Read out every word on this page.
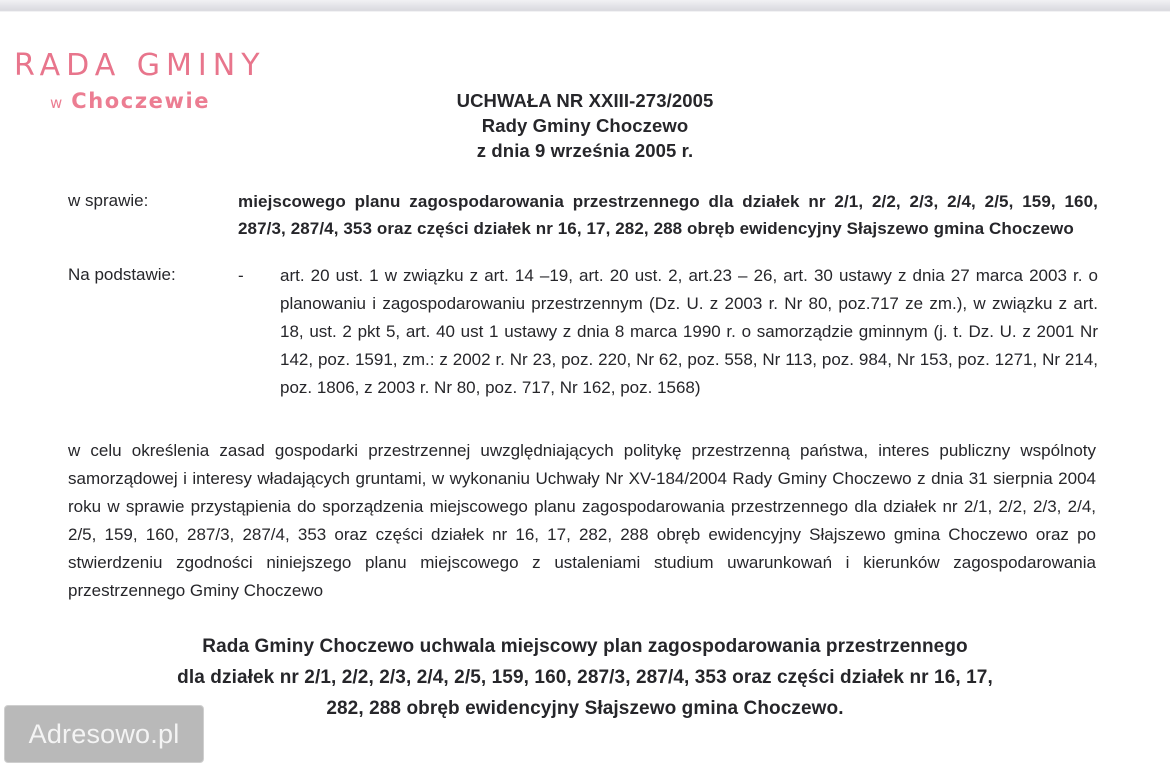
RADA GMINY
w Choczewie	UCHWAŁA NR XXIII-273/2005
Rady Gminy Choczewo
z dnia 9 września 2005 r.
w sprawie:	miejscowego planu zagospodarowania przestrzennego dla działek nr 2/1, 2/2, 2/3, 2/4, 2/5, 159, 160, 287/3, 287/4, 353 oraz części działek nr 16, 17, 282, 288 obręb ewidencyjny Słajszewo gmina Choczewo
Na podstawie:	- art. 20 ust. 1 w związku z art. 14 –19, art. 20 ust. 2, art.23 – 26, art. 30 ustawy z dnia 27 marca 2003 r. o planowaniu i zagospodarowaniu przestrzennym (Dz. U. z 2003 r. Nr 80, poz.717 ze zm.), w związku z art. 18, ust. 2 pkt 5, art. 40 ust 1 ustawy z dnia 8 marca 1990 r. o samorządzie gminnym (j. t. Dz. U. z 2001 Nr 142, poz. 1591, zm.: z 2002 r. Nr 23, poz. 220, Nr 62, poz. 558, Nr 113, poz. 984, Nr 153, poz. 1271, Nr 214, poz. 1806, z 2003 r. Nr 80, poz. 717, Nr 162, poz. 1568)
w celu określenia zasad gospodarki przestrzennej uwzględniających politykę przestrzenną państwa, interes publiczny wspólnoty samorządowej i interesy władających gruntami, w wykonaniu Uchwały Nr XV-184/2004 Rady Gminy Choczewo z dnia 31 sierpnia 2004 roku w sprawie przystąpienia do sporządzenia miejscowego planu zagospodarowania przestrzennego dla działek nr 2/1, 2/2, 2/3, 2/4, 2/5, 159, 160, 287/3, 287/4, 353 oraz części działek nr 16, 17, 282, 288 obręb ewidencyjny Słajszewo gmina Choczewo oraz po stwierdzeniu zgodności niniejszego planu miejscowego z ustaleniami studium uwarunkowań i kierunków zagospodarowania przestrzennego Gminy Choczewo
Rada Gminy Choczewo uchwala miejscowy plan zagospodarowania przestrzennego
dla działek nr 2/1, 2/2, 2/3, 2/4, 2/5, 159, 160, 287/3, 287/4, 353 oraz części działek nr 16, 17,
282, 288 obręb ewidencyjny Słajszewo gmina Choczewo.
Adresowo.pl
